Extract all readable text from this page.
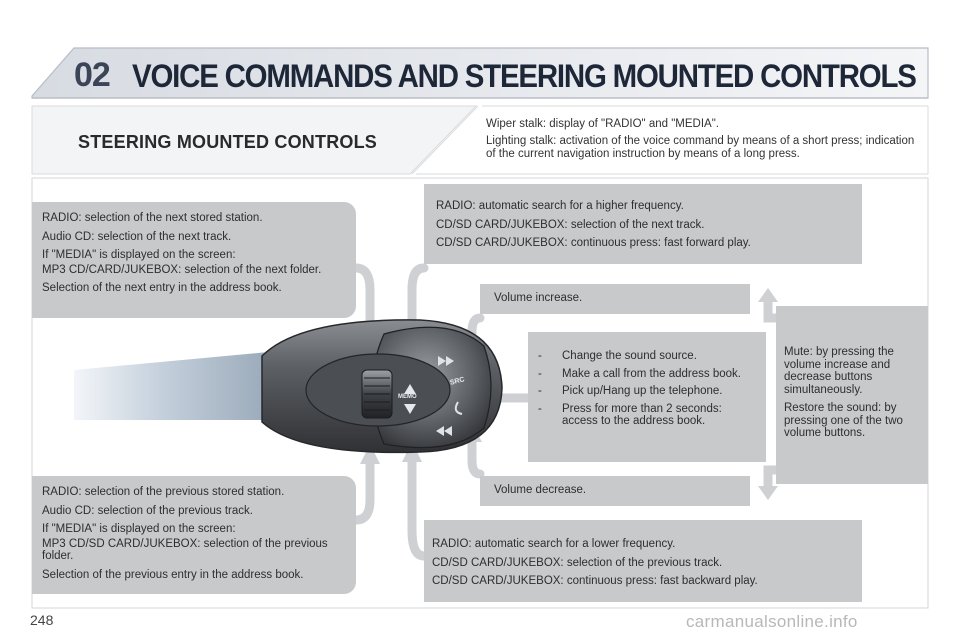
02 VOICE COMMANDS AND STEERING MOUNTED CONTROLS
STEERING MOUNTED CONTROLS

Wiper stalk: display of "RADIO" and "MEDIA".

Lighting stalk: activation of the voice command by means of a short press; indication of the current navigation instruction by means of a long press.

MEMO
SRC

RADIO: selection of the next stored station.

Audio CD: selection of the next track.

If "MEDIA" is displayed on the screen:

MP3 CD/CARD/JUKEBOX: selection of the next folder.

Selection of the next entry in the address book.

RADIO: selection of the previous stored station.

Audio CD: selection of the previous track.

If "MEDIA" is displayed on the screen:

MP3 CD/SD CARD/JUKEBOX: selection of the previous folder.

Selection of the previous entry in the address book.

RADIO: automatic search for a higher frequency.

CD/SD CARD/JUKEBOX: selection of the next track.

CD/SD CARD/JUKEBOX: continuous press: fast forward play.

RADIO: automatic search for a lower frequency.

CD/SD CARD/JUKEBOX: selection of the previous track.

CD/SD CARD/JUKEBOX: continuous press: fast backward play.

Volume increase.
Volume decrease.
- Change the sound source.
- Make a call from the address book.
- Pick up/Hang up the telephone.
- Press for more than 2 seconds: access to the address book.

Mute: by pressing the volume increase and decrease buttons simultaneously.

Restore the sound: by pressing one of the two volume buttons.

248	carmanualsonline.info
